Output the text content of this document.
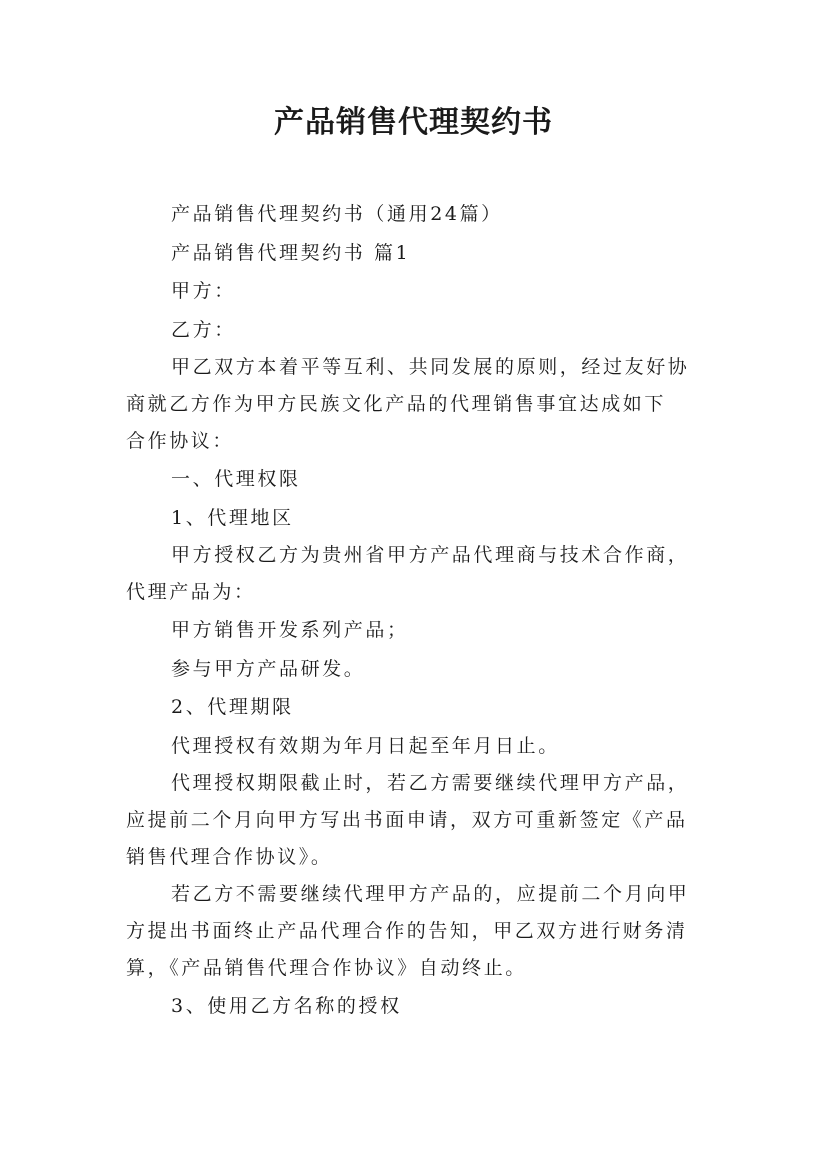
产品销售代理契约书

产品销售代理契约书（通用24篇）

产品销售代理契约书 篇1

甲方：

乙方：

甲乙双方本着平等互利、共同发展的原则，经过友好协

商就乙方作为甲方民族文化产品的代理销售事宜达成如下

合作协议：

一、代理权限

1、代理地区

甲方授权乙方为贵州省甲方产品代理商与技术合作商，

代理产品为：

甲方销售开发系列产品；

参与甲方产品研发。

2、代理期限

代理授权有效期为年月日起至年月日止。

代理授权期限截止时，若乙方需要继续代理甲方产品，

应提前二个月向甲方写出书面申请，双方可重新签定《产品

销售代理合作协议》。

若乙方不需要继续代理甲方产品的，应提前二个月向甲

方提出书面终止产品代理合作的告知，甲乙双方进行财务清

算，《产品销售代理合作协议》自动终止。

3、使用乙方名称的授权
